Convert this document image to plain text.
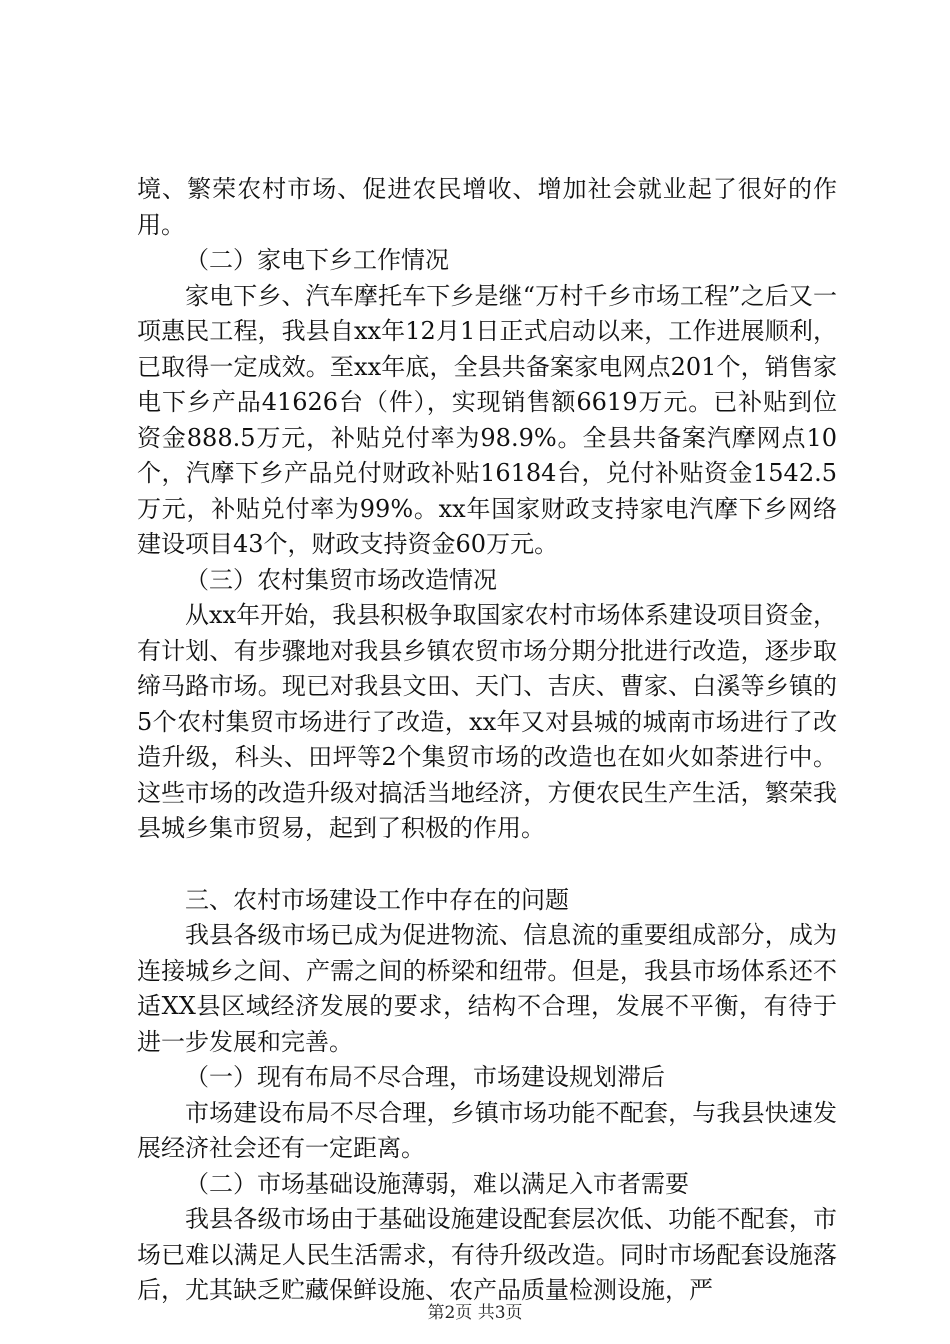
境、繁荣农村市场、促进农民增收、增加社会就业起了很好的作用。

（二）家电下乡工作情况

家电下乡、汽车摩托车下乡是继“万村千乡市场工程”之后又一项惠民工程，我县自xx年12月1日正式启动以来，工作进展顺利，已取得一定成效。至xx年底，全县共备案家电网点201个，销售家电下乡产品41626台（件），实现销售额6619万元。已补贴到位资金888.5万元，补贴兑付率为98.9%。全县共备案汽摩网点10个，汽摩下乡产品兑付财政补贴16184台，兑付补贴资金1542.5万元，补贴兑付率为99%。xx年国家财政支持家电汽摩下乡网络建设项目43个，财政支持资金60万元。

（三）农村集贸市场改造情况

从xx年开始，我县积极争取国家农村市场体系建设项目资金，有计划、有步骤地对我县乡镇农贸市场分期分批进行改造，逐步取缔马路市场。现已对我县文田、天门、吉庆、曹家、白溪等乡镇的5个农村集贸市场进行了改造，xx年又对县城的城南市场进行了改造升级，科头、田坪等2个集贸市场的改造也在如火如荼进行中。这些市场的改造升级对搞活当地经济，方便农民生产生活，繁荣我县城乡集市贸易，起到了积极的作用。

三、农村市场建设工作中存在的问题

我县各级市场已成为促进物流、信息流的重要组成部分，成为连接城乡之间、产需之间的桥梁和纽带。但是，我县市场体系还不适XX县区域经济发展的要求，结构不合理，发展不平衡，有待于进一步发展和完善。

（一）现有布局不尽合理，市场建设规划滞后

市场建设布局不尽合理，乡镇市场功能不配套，与我县快速发展经济社会还有一定距离。

（二）市场基础设施薄弱，难以满足入市者需要

我县各级市场由于基础设施建设配套层次低、功能不配套，市场已难以满足人民生活需求，有待升级改造。同时市场配套设施落后，尤其缺乏贮藏保鲜设施、农产品质量检测设施，严

第2页 共3页
